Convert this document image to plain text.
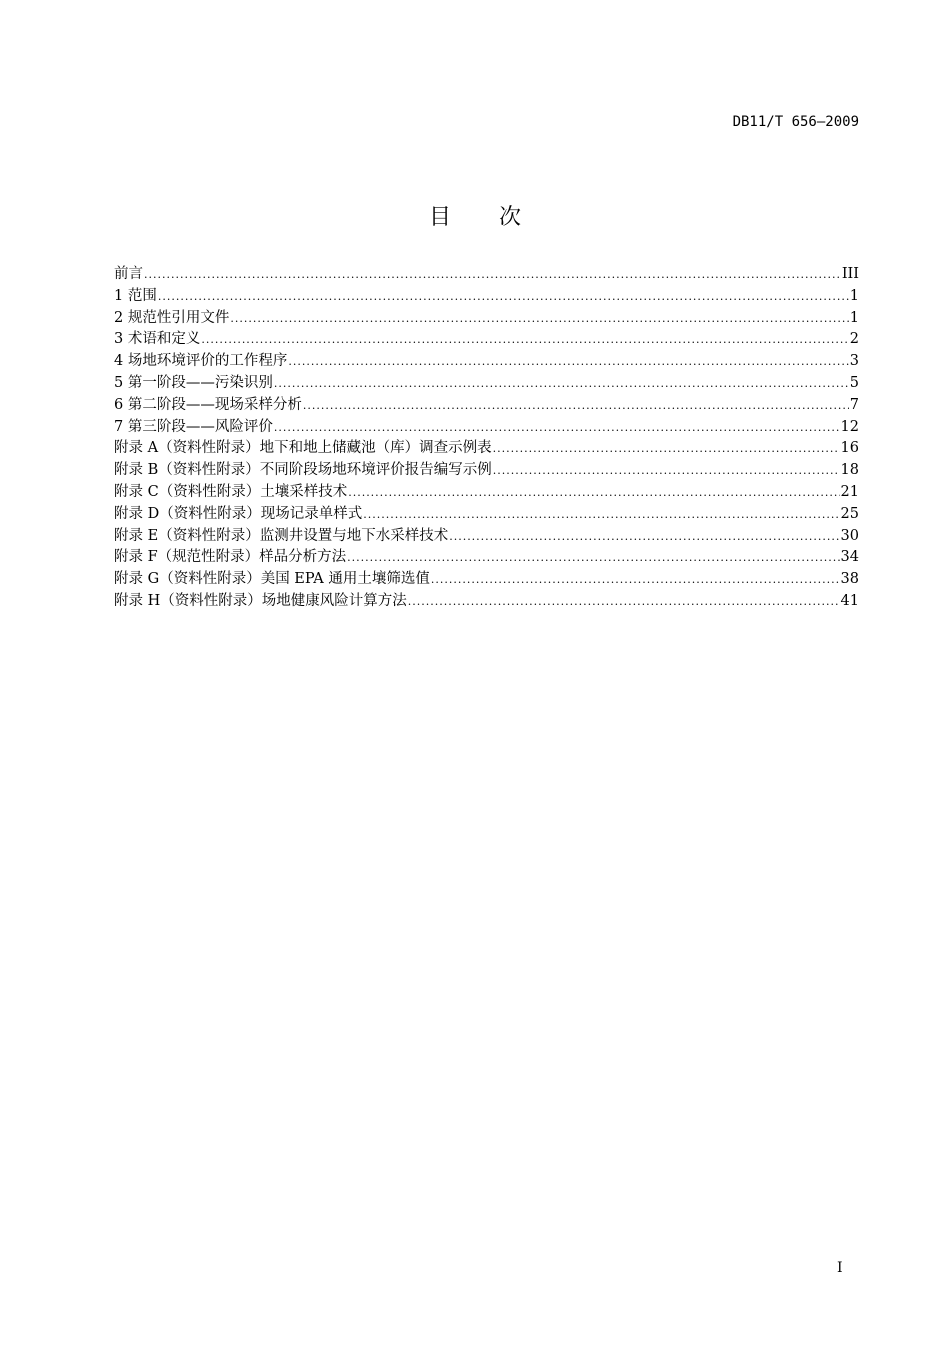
DB11/T 656—2009
目 次
前言 .....	III
1 范围 .....	1
2 规范性引用文件 .....	1
3 术语和定义 .....	2
4 场地环境评价的工作程序 .....	3
5 第一阶段——污染识别 .....	5
6 第二阶段——现场采样分析 .....	7
7 第三阶段——风险评价 .....	12
附录 A（资料性附录）地下和地上储藏池（库）调查示例表 .....	16
附录 B（资料性附录）不同阶段场地环境评价报告编写示例 .....	18
附录 C（资料性附录）土壤采样技术 .....	21
附录 D（资料性附录）现场记录单样式 .....	25
附录 E（资料性附录）监测井设置与地下水采样技术 .....	30
附录 F（规范性附录）样品分析方法 .....	34
附录 G（资料性附录）美国 EPA 通用土壤筛选值 .....	38
附录 H（资料性附录）场地健康风险计算方法 .....	41
I
